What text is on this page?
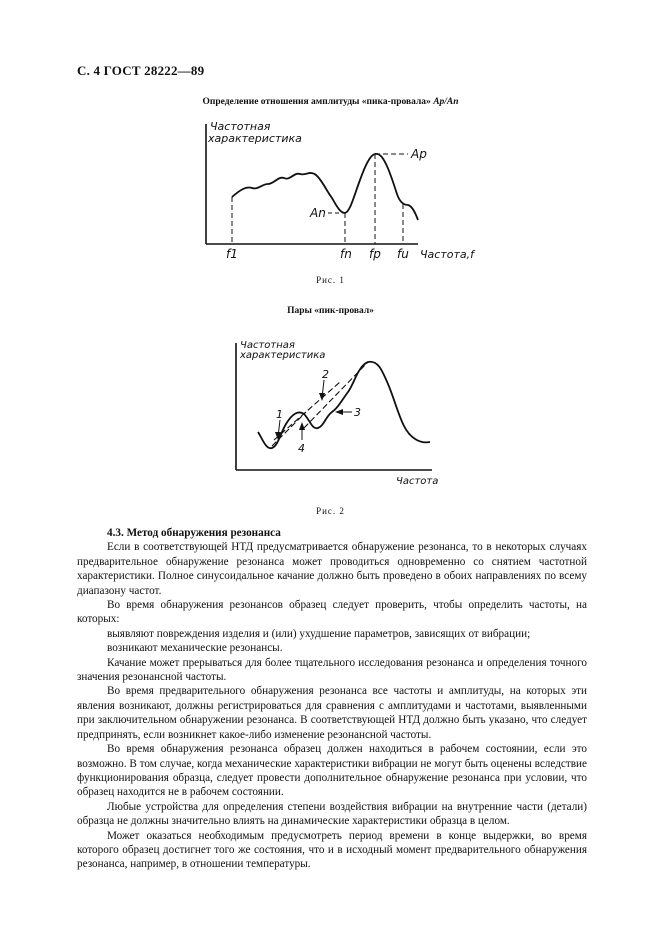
С. 4 ГОСТ 28222—89
Определение отношения амплитуды «пика-провала» Ap/An
Частотная
характеристика
Ap
An
f1	fn fp fu Частота,f
Рис. 1
Пары «пик-провал»
Частотная
характеристика
1
2
3
4
Частота
Рис. 2
4.3. Метод обнаружения резонанса

Если в соответствующей НТД предусматривается обнаружение резонанса, то в некоторых случаях предварительное обнаружение резонанса может проводиться одновременно со снятием частотной характеристики. Полное синусоидальное качание должно быть проведено в обоих направлениях по всему диапазону частот.

Во время обнаружения резонансов образец следует проверить, чтобы определить частоты, на которых:

выявляют повреждения изделия и (или) ухудшение параметров, зависящих от вибрации;

возникают механические резонансы.

Качание может прерываться для более тщательного исследования резонанса и определения точного значения резонансной частоты.

Во время предварительного обнаружения резонанса все частоты и амплитуды, на которых эти явления возникают, должны регистрироваться для сравнения с амплитудами и частотами, выявленными при заключительном обнаружении резонанса. В соответствующей НТД должно быть указано, что следует предпринять, если возникнет какое-либо изменение резонансной частоты.

Во время обнаружения резонанса образец должен находиться в рабочем состоянии, если это возможно. В том случае, когда механические характеристики вибрации не могут быть оценены вследствие функционирования образца, следует провести дополнительное обнаружение резонанса при условии, что образец находится не в рабочем состоянии.

Любые устройства для определения степени воздействия вибрации на внутренние части (детали) образца не должны значительно влиять на динамические характеристики образца в целом.

Может оказаться необходимым предусмотреть период времени в конце выдержки, во время которого образец достигнет того же состояния, что и в исходный момент предварительного обнаружения резонанса, например, в отношении температуры.
